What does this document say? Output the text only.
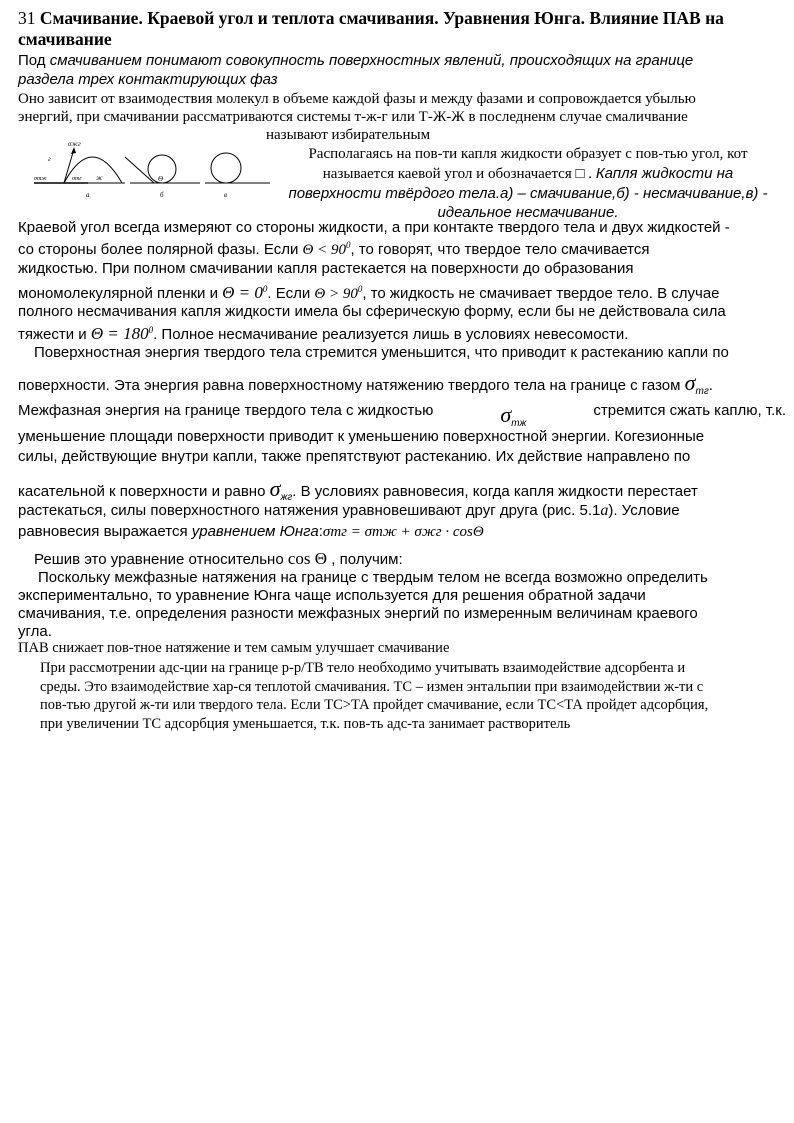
31 Смачивание. Краевой угол и теплота смачивания. Уравнения Юнга. Влияние ПАВ на
смачивание
Под смачиванием понимают совокупность поверхностных явлений, происходящих на границе
раздела трех контактирующих фаз
Оно зависит от взаимодествия молекул в объеме каждой фазы и между фазами и сопровождается убылью
энергий, при смачивании рассматриваются системы т-ж-г или Т-Ж-Ж в последненм случае смаличвание
называют избирательным
σжг
г
σтж	σтг ж
а
Θ
б	в
Располагаясь на пов-ти капля жидкости образует с пов-тью угол, кот
называется каевой угол и обозначается □ . Капля жидкости на
поверхности твёрдого тела.а) – смачивание,б) - несмачивание,в) -
идеальное несмачивание.
Краевой угол всегда измеряют со стороны жидкости, а при контакте твердого тела и двух жидкостей -
со стороны более полярной фазы. Если $\Theta < 90^0$, то говорят, что твердое тело смачивается
жидкостью. При полном смачивании капля растекается на поверхности до образования
мономолекулярной пленки и $\Theta = 0^0$. Если $\Theta > 90^0$, то жидкость не смачивает твердое тело. В случае
полного несмачивания капля жидкости имела бы сферическую форму, если бы не действовала сила
тяжести и $\Theta = 180^0$. Полное несмачивание реализуется лишь в условиях невесомости.
Поверхностная энергия твердого тела стремится уменьшится, что приводит к растеканию капли по
поверхности. Эта энергия равна поверхностному натяжению твердого тела на границе с газом $\sigma_{тг}$.
Межфазная энергия на границе твердого тела с жидкостью	$\sigma_{тж}$
стремится сжать каплю, т.к.
уменьшение площади поверхности приводит к уменьшению поверхностной энергии. Когезионные
силы, действующие внутри капли, также препятствуют растеканию. Их действие направлено по
касательной к поверхности и равно $\sigma_{жг}$. В условиях равновесия, когда капля жидкости перестает
растекаться, силы поверхностного натяжения уравновешивают друг друга (рис. 5.1а). Условие
равновесия выражается уравнением Юнга:σтг = σтж + σжг · cosΘ
Решив это уравнение относительно cos Θ , получим:
Поскольку межфазные натяжения на границе с твердым телом не всегда возможно определить
экспериментально, то уравнение Юнга чаще используется для решения обратной задачи
смачивания, т.е. определения разности межфазных энергий по измеренным величинам краевого
угла.
ПАВ снижает пов-тное натяжение и тем самым улучшает смачивание
При рассмотрении адс-ции на границе р-р/ТВ тело необходимо учитывать взаимодействие адсорбента и
среды. Это взаимодействие хар-ся теплотой смачивания. ТС – измен энтальпии при взаимодействии ж-ти с
пов-тью другой ж-ти или твердого тела. Если ТС>ТА пройдет смачивание, если ТС<ТА пройдет адсорбция,
при увеличении ТС адсорбция уменьшается, т.к. пов-ть адс-та занимает растворитель
